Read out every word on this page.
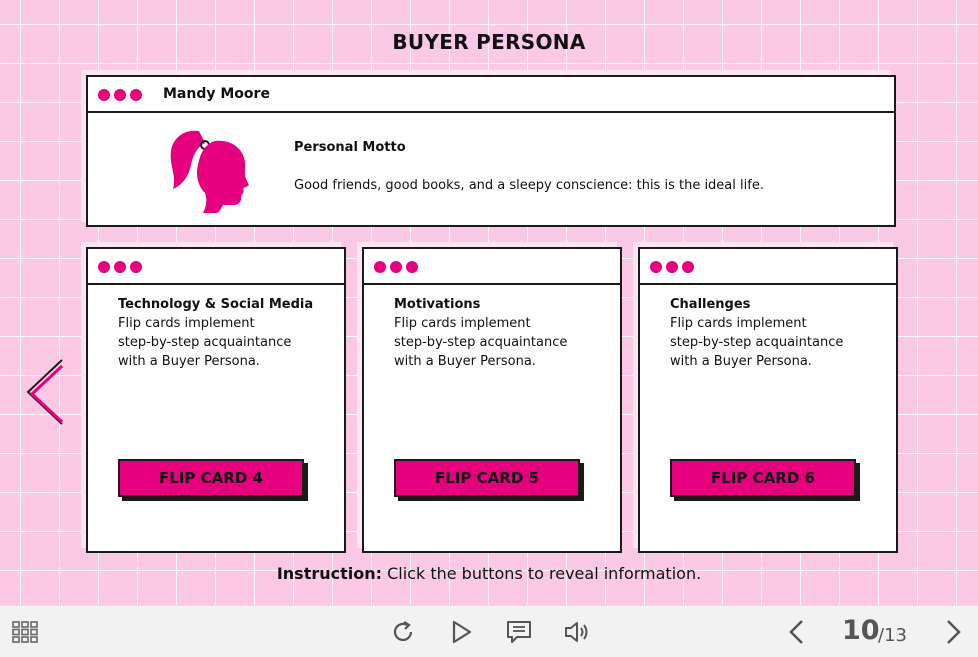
BUYER PERSONA
Mandy Moore
Personal Motto
Good friends, good books, and a sleepy conscience: this is the ideal life.
Technology & Social Media
Flip cards implement
step-by-step acquaintance
with a Buyer Persona.
FLIP CARD 4
Motivations
Flip cards implement
step-by-step acquaintance
with a Buyer Persona.
FLIP CARD 5
Challenges
Flip cards implement
step-by-step acquaintance
with a Buyer Persona.
FLIP CARD 6
Instruction: Click the buttons to reveal information.
10
/13
